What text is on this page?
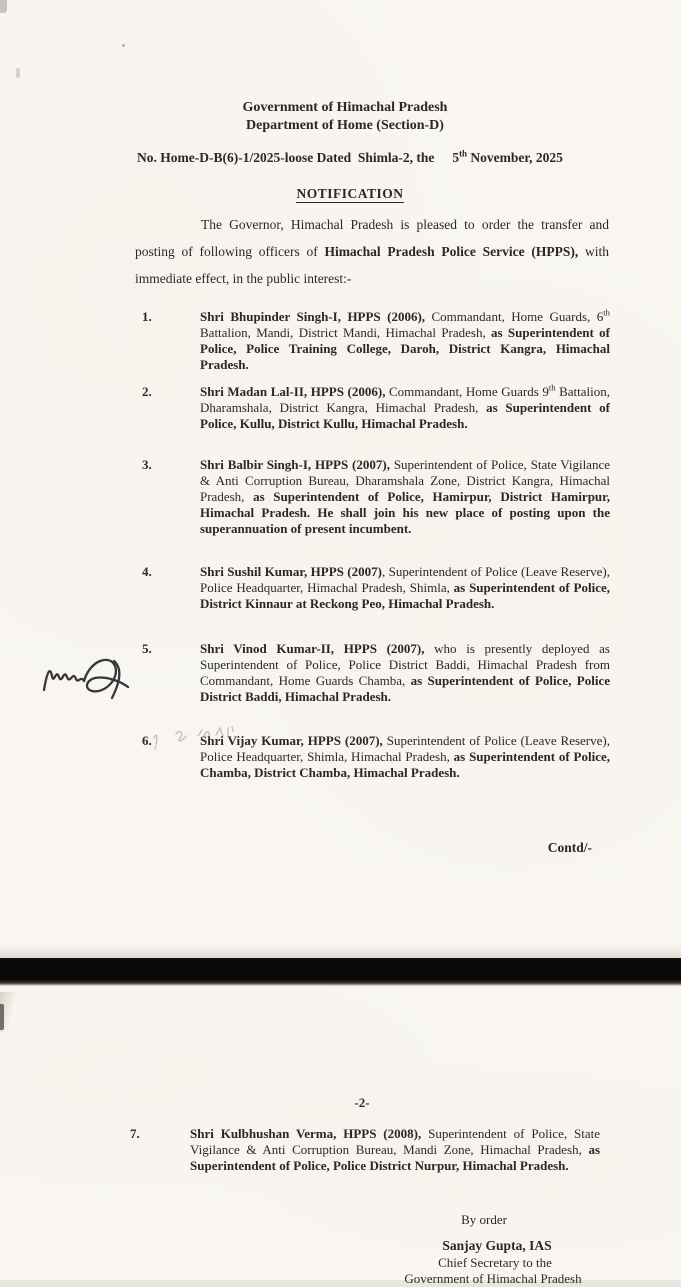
Government of Himachal Pradesh
Department of Home (Section-D)
No. Home-D-B(6)-1/2025-loose Dated  Shimla-2, the 5th November, 2025
NOTIFICATION
The Governor, Himachal Pradesh is pleased to order the transfer and posting of following officers of Himachal Pradesh Police Service (HPPS), with immediate effect, in the public interest:-
1.	Shri Bhupinder Singh-I, HPPS (2006), Commandant, Home Guards, 6th Battalion, Mandi, District Mandi, Himachal Pradesh, as Superintendent of Police, Police Training College, Daroh, District Kangra, Himachal Pradesh.
2.	Shri Madan Lal-II, HPPS (2006), Commandant, Home Guards 9th Battalion, Dharamshala, District Kangra, Himachal Pradesh, as Superintendent of Police, Kullu, District Kullu, Himachal Pradesh.
3.	Shri Balbir Singh-I, HPPS (2007), Superintendent of Police, State Vigilance & Anti Corruption Bureau, Dharamshala Zone, District Kangra, Himachal Pradesh, as Superintendent of Police, Hamirpur, District Hamirpur, Himachal Pradesh. He shall join his new place of posting upon the superannuation of present incumbent.
4.	Shri Sushil Kumar, HPPS (2007), Superintendent of Police (Leave Reserve), Police Headquarter, Himachal Pradesh, Shimla, as Superintendent of Police, District Kinnaur at Reckong Peo, Himachal Pradesh.
5.	Shri Vinod Kumar-II, HPPS (2007), who is presently deployed as Superintendent of Police, Police District Baddi, Himachal Pradesh from Commandant, Home Guards Chamba, as Superintendent of Police, Police District Baddi, Himachal Pradesh.
6.	Shri Vijay Kumar, HPPS (2007), Superintendent of Police (Leave Reserve), Police Headquarter, Shimla, Himachal Pradesh, as Superintendent of Police, Chamba, District Chamba, Himachal Pradesh.
Contd/-
-2-
7.	Shri Kulbhushan Verma, HPPS (2008), Superintendent of Police, State Vigilance & Anti Corruption Bureau, Mandi Zone, Himachal Pradesh, as Superintendent of Police, Police District Nurpur, Himachal Pradesh.
By order
Sanjay Gupta, IAS
Chief Secretary to the
Government of Himachal Pradesh
